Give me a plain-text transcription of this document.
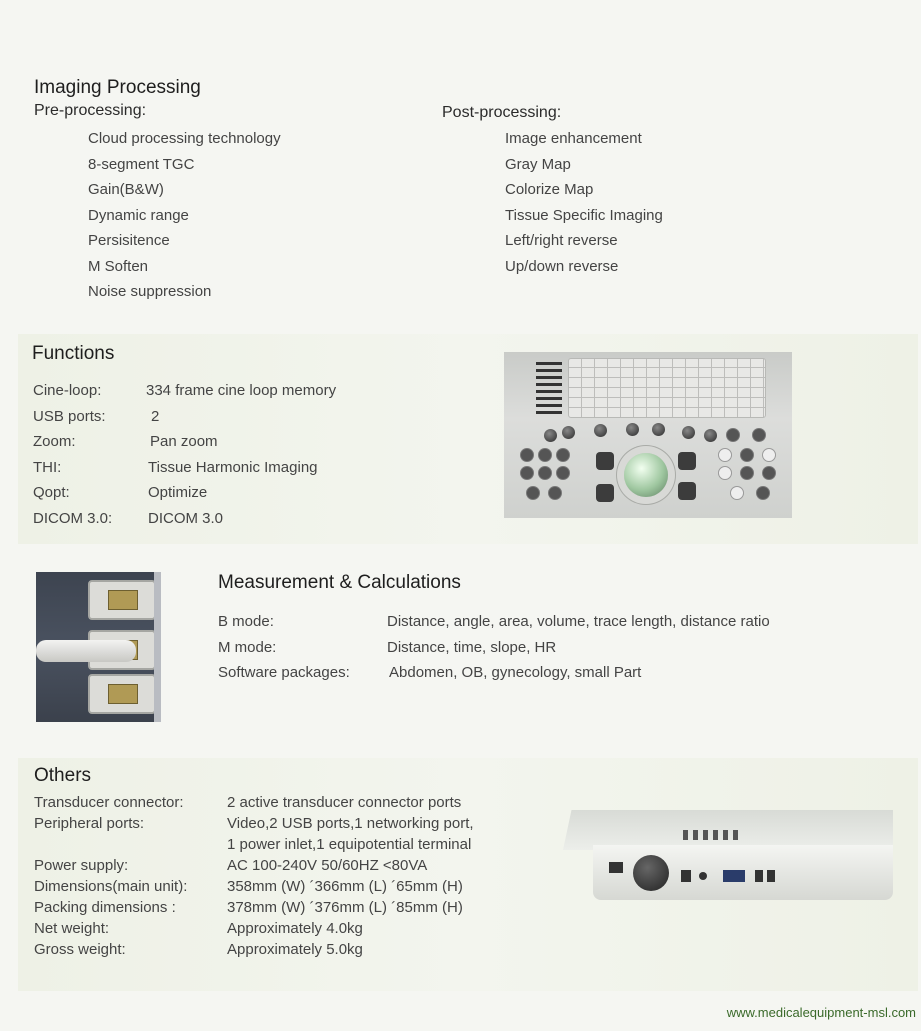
Imaging Processing
Pre-processing:	Post-processing:
Cloud processing technology
8-segment TGC
Gain(B&W)
Dynamic range
Persisitence
M Soften
Noise suppression
Image enhancement
Gray Map
Colorize Map
Tissue Specific Imaging
Left/right reverse
Up/down reverse
Functions
Cine-loop:	334 frame cine loop memory
USB ports:	2
Zoom:	Pan zoom
THI:	Tissue Harmonic Imaging
Qopt:	Optimize
DICOM 3.0:	DICOM 3.0
Measurement & Calculations
B mode:	Distance, angle, area, volume, trace length, distance ratio
M mode:	Distance, time, slope, HR
Software packages:	Abdomen, OB, gynecology, small Part
Others
Transducer connector:	2 active transducer connector ports
Peripheral ports:	Video,2 USB ports,1 networking port,
1 power inlet,1 equipotential terminal
Power supply:	AC 100-240V 50/60HZ <80VA
Dimensions(main unit):	358mm (W) ´366mm (L) ´65mm (H)
Packing dimensions :	378mm (W) ´376mm (L) ´85mm (H)
Net weight:	Approximately 4.0kg
Gross weight:	Approximately 5.0kg
www.medicalequipment-msl.com
